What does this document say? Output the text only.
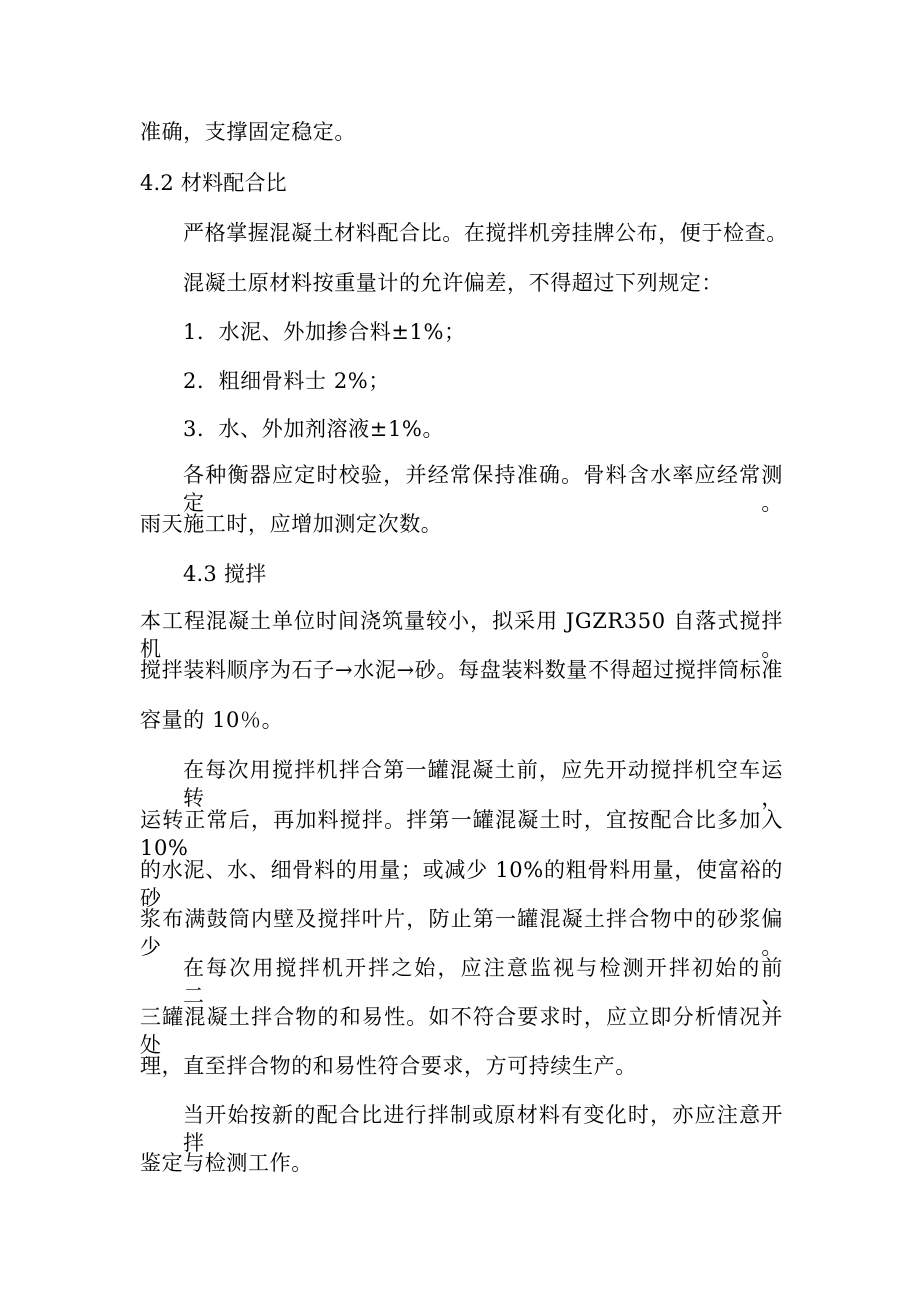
准确，支撑固定稳定。

4.2 材料配合比

严格掌握混凝土材料配合比。在搅拌机旁挂牌公布，便于检查。

混凝土原材料按重量计的允许偏差，不得超过下列规定：

1．水泥、外加掺合料±1%；

2．粗细骨料士 2%；

3．水、外加剂溶液±1%。

各种衡器应定时校验，并经常保持准确。骨料含水率应经常测定。

雨天施工时，应增加测定次数。

4.3 搅拌

本工程混凝土单位时间浇筑量较小，拟采用 JGZR350 自落式搅拌机。

搅拌装料顺序为石子→水泥→砂。每盘装料数量不得超过搅拌筒标准

容量的 10％。

在每次用搅拌机拌合第一罐混凝土前，应先开动搅拌机空车运转，

运转正常后，再加料搅拌。拌第一罐混凝土时，宜按配合比多加入 10%

的水泥、水、细骨料的用量；或减少 10%的粗骨料用量，使富裕的砂

浆布满鼓筒内壁及搅拌叶片，防止第一罐混凝土拌合物中的砂浆偏少。

在每次用搅拌机开拌之始，应注意监视与检测开拌初始的前二、

三罐混凝土拌合物的和易性。如不符合要求时，应立即分析情况并处

理，直至拌合物的和易性符合要求，方可持续生产。

当开始按新的配合比进行拌制或原材料有变化时，亦应注意开拌

鉴定与检测工作。
